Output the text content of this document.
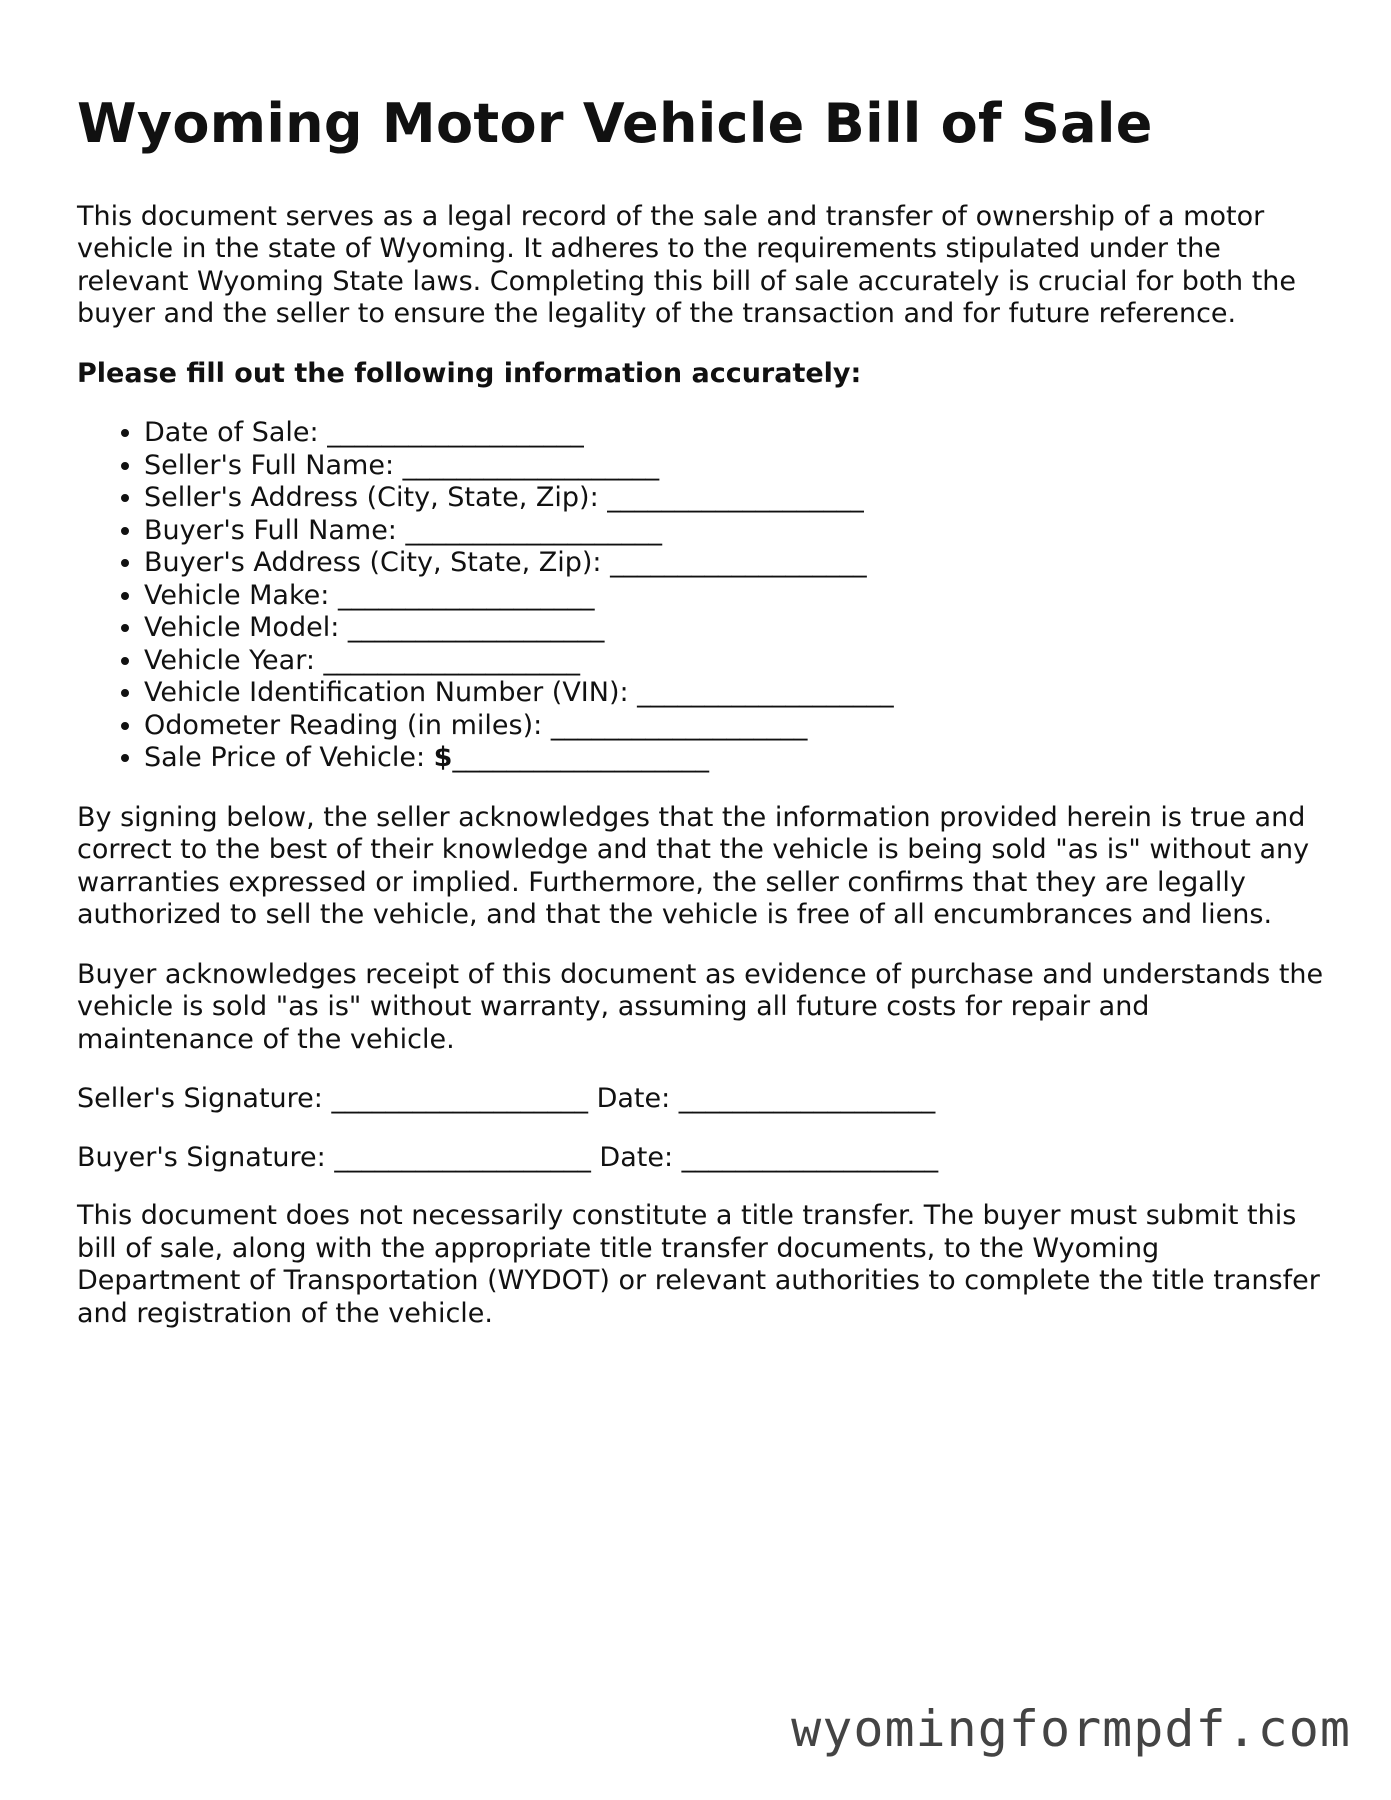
Wyoming Motor Vehicle Bill of Sale

This document serves as a legal record of the sale and transfer of ownership of a motor vehicle in the state of Wyoming. It adheres to the requirements stipulated under the relevant Wyoming State laws. Completing this bill of sale accurately is crucial for both the buyer and the seller to ensure the legality of the transaction and for future reference.

Please fill out the following information accurately:

• Date of Sale: ___________________
• Seller's Full Name: ___________________
• Seller's Address (City, State, Zip): ___________________
• Buyer's Full Name: ___________________
• Buyer's Address (City, State, Zip): ___________________
• Vehicle Make: ___________________
• Vehicle Model: ___________________
• Vehicle Year: ___________________
• Vehicle Identification Number (VIN): ___________________
• Odometer Reading (in miles): ___________________
• Sale Price of Vehicle: $___________________

By signing below, the seller acknowledges that the information provided herein is true and correct to the best of their knowledge and that the vehicle is being sold "as is" without any warranties expressed or implied. Furthermore, the seller confirms that they are legally authorized to sell the vehicle, and that the vehicle is free of all encumbrances and liens.

Buyer acknowledges receipt of this document as evidence of purchase and understands the vehicle is sold "as is" without warranty, assuming all future costs for repair and maintenance of the vehicle.

Seller's Signature: ___________________ Date: ___________________
Buyer's Signature: ___________________ Date: ___________________

This document does not necessarily constitute a title transfer. The buyer must submit this bill of sale, along with the appropriate title transfer documents, to the Wyoming Department of Transportation (WYDOT) or relevant authorities to complete the title transfer and registration of the vehicle.

wyomingformpdf.com
